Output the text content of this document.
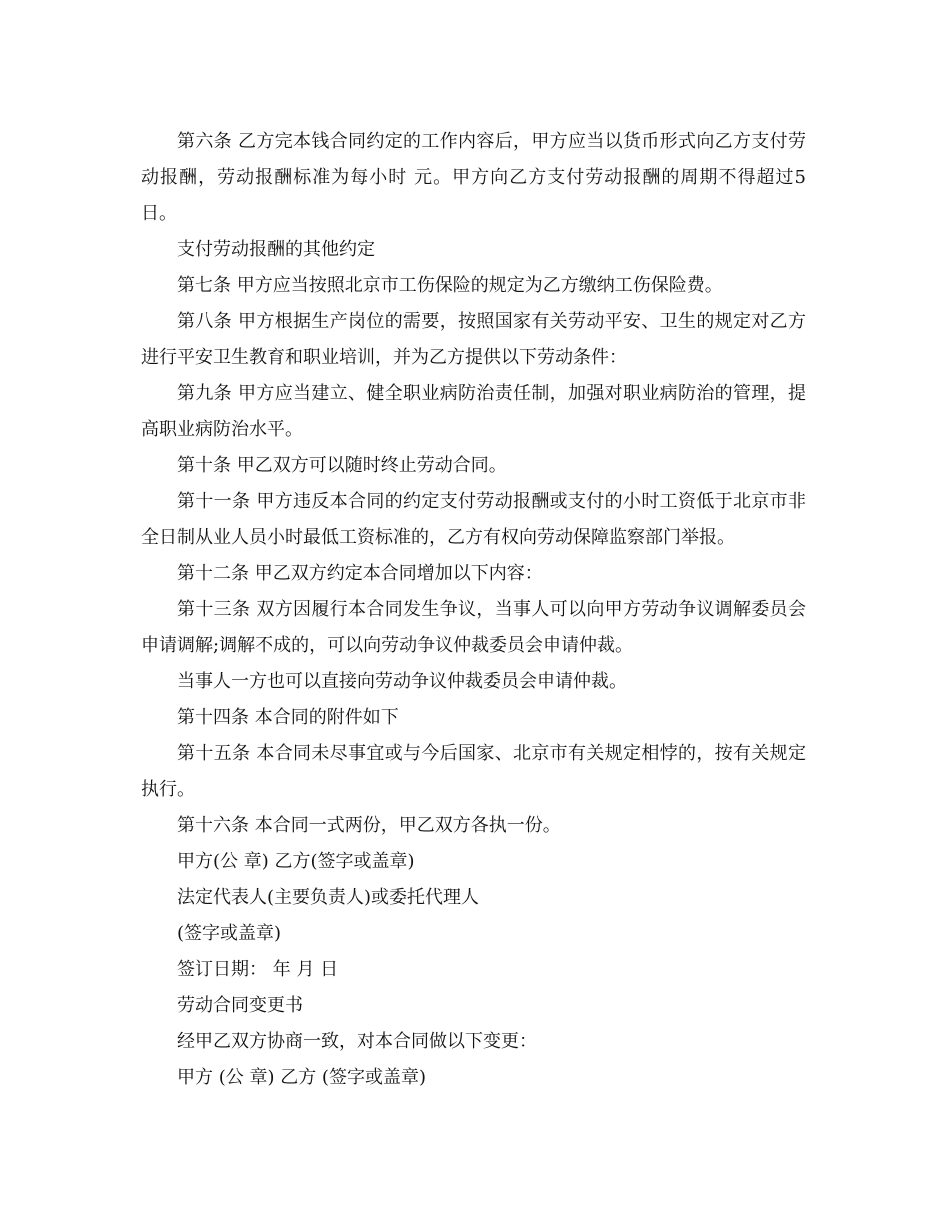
第六条 乙方完本钱合同约定的工作内容后，甲方应当以货币形式向乙方支付劳动报酬，劳动报酬标准为每小时 元。甲方向乙方支付劳动报酬的周期不得超过5日。

支付劳动报酬的其他约定

第七条 甲方应当按照北京市工伤保险的规定为乙方缴纳工伤保险费。

第八条 甲方根据生产岗位的需要，按照国家有关劳动平安、卫生的规定对乙方进行平安卫生教育和职业培训，并为乙方提供以下劳动条件：

第九条 甲方应当建立、健全职业病防治责任制，加强对职业病防治的管理，提高职业病防治水平。

第十条 甲乙双方可以随时终止劳动合同。

第十一条 甲方违反本合同的约定支付劳动报酬或支付的小时工资低于北京市非全日制从业人员小时最低工资标准的，乙方有权向劳动保障监察部门举报。

第十二条 甲乙双方约定本合同增加以下内容：

第十三条 双方因履行本合同发生争议，当事人可以向甲方劳动争议调解委员会申请调解;调解不成的，可以向劳动争议仲裁委员会申请仲裁。

当事人一方也可以直接向劳动争议仲裁委员会申请仲裁。

第十四条 本合同的附件如下

第十五条 本合同未尽事宜或与今后国家、北京市有关规定相悖的，按有关规定执行。

第十六条 本合同一式两份，甲乙双方各执一份。

甲方(公 章) 乙方(签字或盖章)

法定代表人(主要负责人)或委托代理人

(签字或盖章)

签订日期： 年 月 日

劳动合同变更书

经甲乙双方协商一致，对本合同做以下变更：

甲方 (公 章) 乙方 (签字或盖章)
